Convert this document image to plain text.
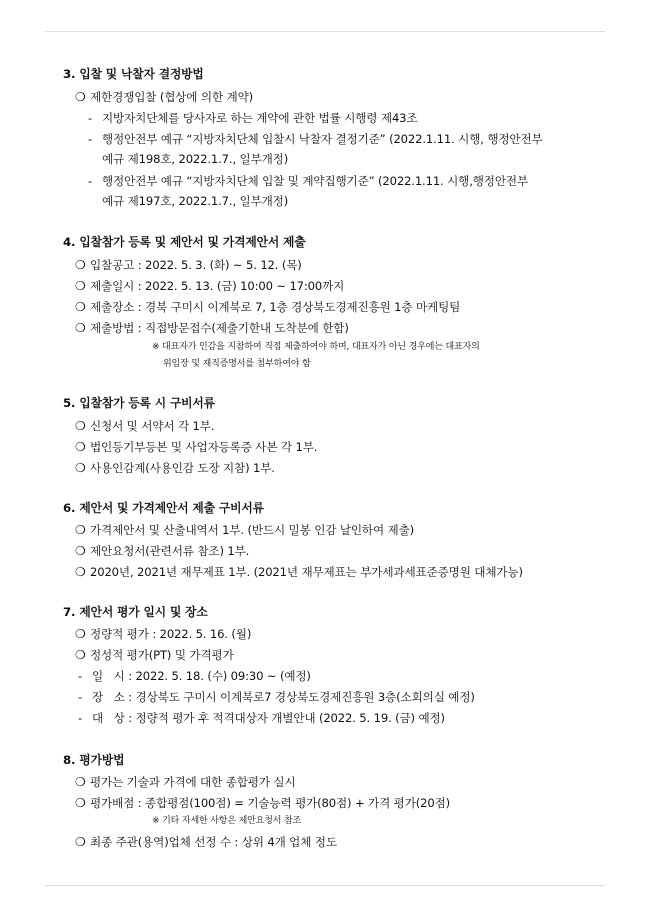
3. 입찰 및 낙찰자 결정방법
❍ 제한경쟁입찰 (협상에 의한 계약)
- 지방자치단체를 당사자로 하는 계약에 관한 법률 시행령 제43조
- 행정안전부 예규 “지방자치단체 입찰시 낙찰자 결정기준” (2022.1.11. 시행, 행정안전부
예규 제198호, 2022.1.7., 일부개정)
- 행정안전부 예규 “지방자치단체 입찰 및 계약집행기준” (2022.1.11. 시행,행정안전부
예규 제197호, 2022.1.7., 일부개정)
4. 입찰참가 등록 및 제안서 및 가격제안서 제출
❍ 입찰공고 : 2022. 5. 3. (화) ~ 5. 12. (목)
❍ 제출일시 : 2022. 5. 13. (금) 10:00 ~ 17:00까지
❍ 제출장소 : 경북 구미시 이계북로 7, 1층 경상북도경제진흥원 1층 마케팅팀
❍ 제출방법 : 직접방문접수(제출기한내 도착분에 한함)
※ 대표자가 인감을 지참하여 직접 제출하여야 하며, 대표자가 아닌 경우에는 대표자의
위임장 및 재직증명서를 첨부하여야 함
5. 입찰참가 등록 시 구비서류
❍ 신청서 및 서약서 각 1부.
❍ 법인등기부등본 및 사업자등록증 사본 각 1부.
❍ 사용인감계(사용인감 도장 지참) 1부.
6. 제안서 및 가격제안서 제출 구비서류
❍ 가격제안서 및 산출내역서 1부. (반드시 밀봉 인감 날인하여 제출)
❍ 제안요청서(관련서류 참조) 1부.
❍ 2020년, 2021년 재무제표 1부. (2021년 재무제표는 부가세과세표준증명원 대체가능)
7. 제안서 평가 일시 및 장소
❍ 정량적 평가 : 2022. 5. 16. (월)
❍ 정성적 평가(PT) 및 가격평가
- 일   시 : 2022. 5. 18. (수) 09:30 ~ (예정)
- 장   소 : 경상북도 구미시 이계북로7 경상북도경제진흥원 3층(소회의실 예정)
- 대   상 : 정량적 평가 후 적격대상자 개별안내 (2022. 5. 19. (금) 예정)
8. 평가방법
❍ 평가는 기술과 가격에 대한 종합평가 실시
❍ 평가배점 : 종합평점(100점) = 기술능력 평가(80점) + 가격 평가(20점)
※ 기타 자세한 사항은 제안요청서 참조
❍ 최종 주관(용역)업체 선정 수 : 상위 4개 업체 정도
